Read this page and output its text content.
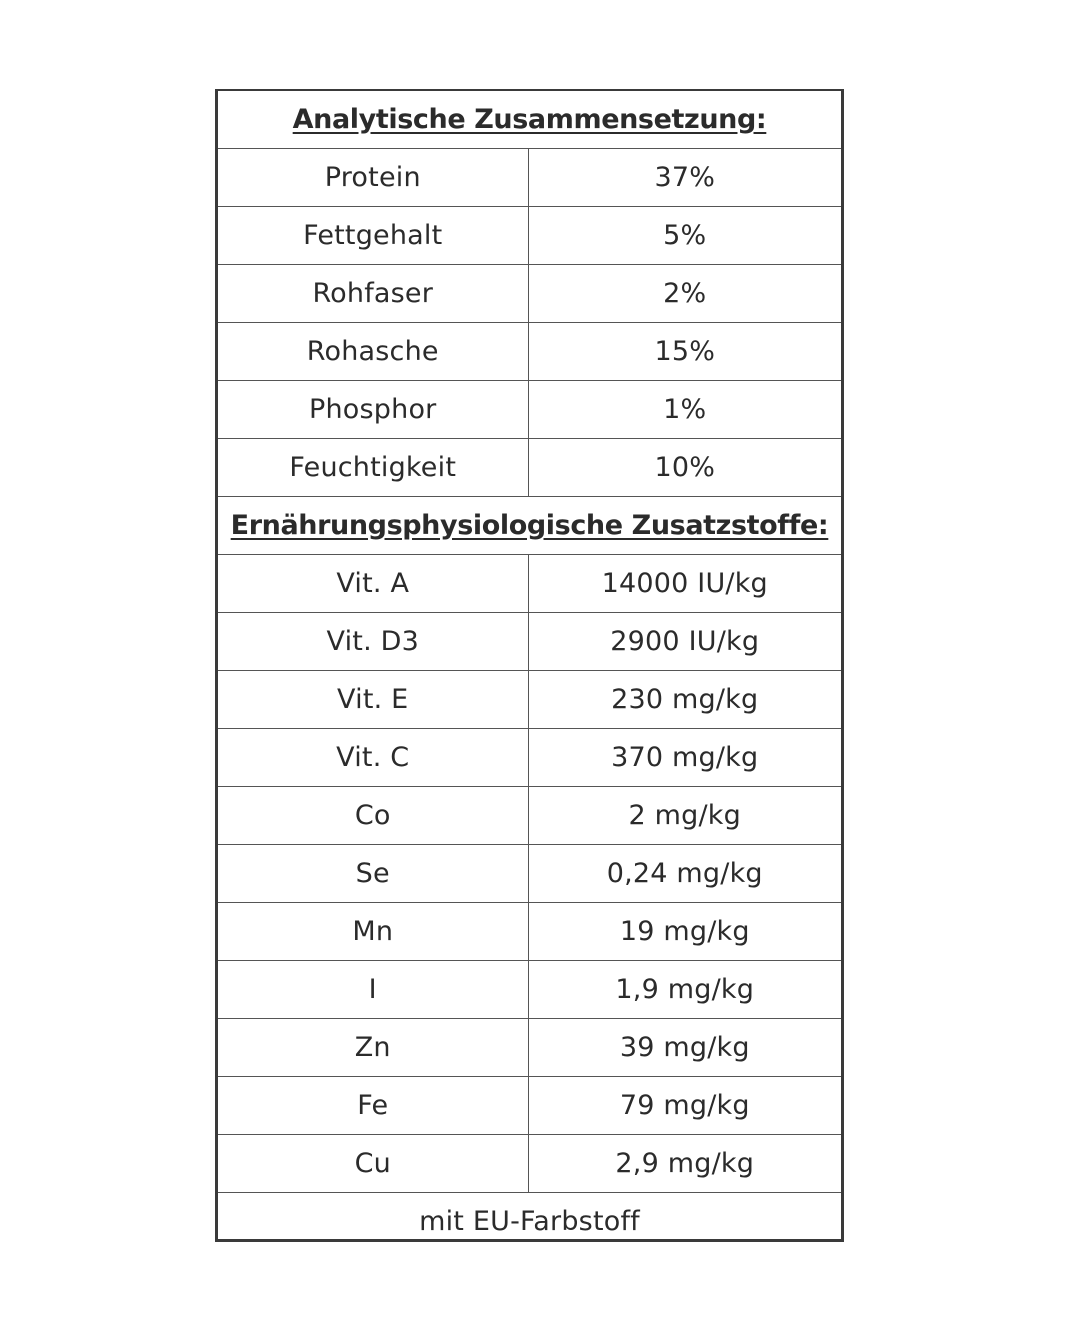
Analytische Zusammensetzung:	
Protein	37%
Fettgehalt	5%
Rohfaser	2%
Rohasche	15%
Phosphor	1%
Feuchtigkeit	10%
Ernährungsphysiologische Zusatzstoffe:	
Vit. A	14000 IU/kg
Vit. D3	2900 IU/kg
Vit. E	230 mg/kg
Vit. C	370 mg/kg
Co	2 mg/kg
Se	0,24 mg/kg
Mn	19 mg/kg
I	1,9 mg/kg
Zn	39 mg/kg
Fe	79 mg/kg
Cu	2,9 mg/kg
mit EU-Farbstoff	
